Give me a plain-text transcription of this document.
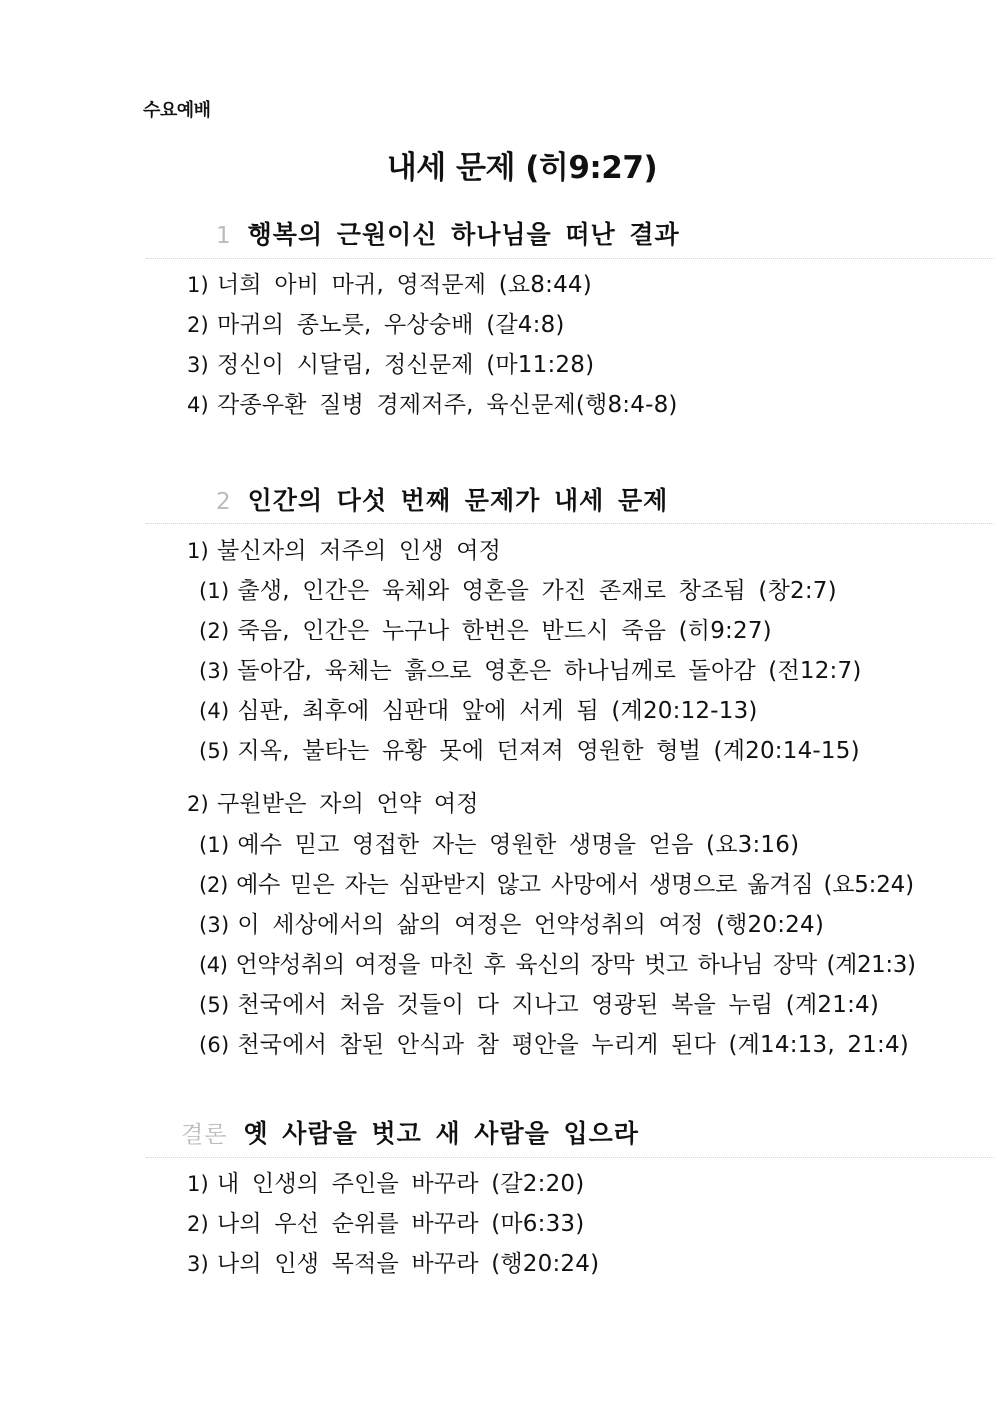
수요예배
내세 문제 (히9:27)
1 행복의 근원이신 하나님을 떠난 결과
1) 너희 아비 마귀, 영적문제 (요8:44)
2) 마귀의 종노릇, 우상숭배 (갈4:8)
3) 정신이 시달림, 정신문제 (마11:28)
4) 각종우환 질병 경제저주, 육신문제(행8:4-8)
2 인간의 다섯 번째 문제가 내세 문제
1) 불신자의 저주의 인생 여정
(1) 출생, 인간은 육체와 영혼을 가진 존재로 창조됨 (창2:7)
(2) 죽음, 인간은 누구나 한번은 반드시 죽음 (히9:27)
(3) 돌아감, 육체는 흙으로 영혼은 하나님께로 돌아감 (전12:7)
(4) 심판, 최후에 심판대 앞에 서게 됨 (계20:12-13)
(5) 지옥, 불타는 유황 못에 던져져 영원한 형벌 (계20:14-15)
2) 구원받은 자의 언약 여정
(1) 예수 믿고 영접한 자는 영원한 생명을 얻음 (요3:16)
(2) 예수 믿은 자는 심판받지 않고 사망에서 생명으로 옮겨짐 (요5:24)
(3) 이 세상에서의 삶의 여정은 언약성취의 여정 (행20:24)
(4) 언약성취의 여정을 마친 후 육신의 장막 벗고 하나님 장막 (계21:3)
(5) 천국에서 처음 것들이 다 지나고 영광된 복을 누림 (계21:4)
(6) 천국에서 참된 안식과 참 평안을 누리게 된다 (계14:13, 21:4)
결론 옛 사람을 벗고 새 사람을 입으라
1) 내 인생의 주인을 바꾸라 (갈2:20)
2) 나의 우선 순위를 바꾸라 (마6:33)
3) 나의 인생 목적을 바꾸라 (행20:24)
